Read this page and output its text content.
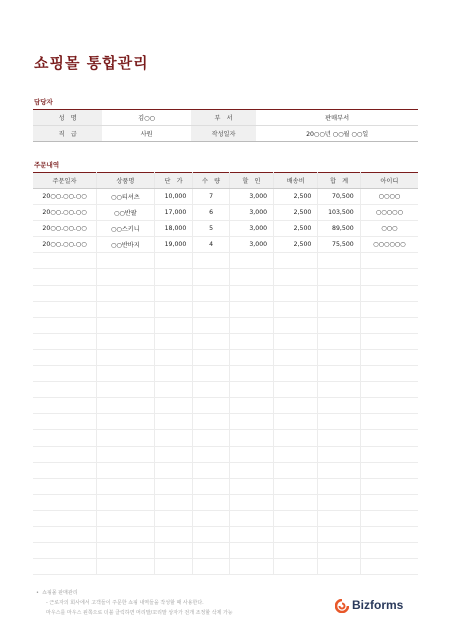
쇼핑몰 통합관리
담당자
성　명	김○○	부　서	판매부서
직　급	사원	작성일자	20○○년 ○○월 ○○일
주문내역
주문일자	상품명	단　가	수　량	할　인	배송비	합　계	아이디
20○○.○○.○○	○○티셔츠	10,000	7	3,000	2,500	70,500	○○○○
20○○.○○.○○	○○반팔	17,000	6	3,000	2,500	103,500	○○○○○
20○○.○○.○○	○○스키니	18,000	5	3,000	2,500	89,500	○○○
20○○.○○.○○	○○반바지	19,000	4	3,000	2,500	75,500	○○○○○○

•  쇼핑몰 판매관리
- 근로자의 회사에서 고객들이 주문한 쇼핑 내역들을 작성할 때 사용한다.
마우스를 마우스 왼쪽으로 더블 클릭하면 머리말/꼬리말 상자가 전개 조정할 삭제 가능
Bizforms
